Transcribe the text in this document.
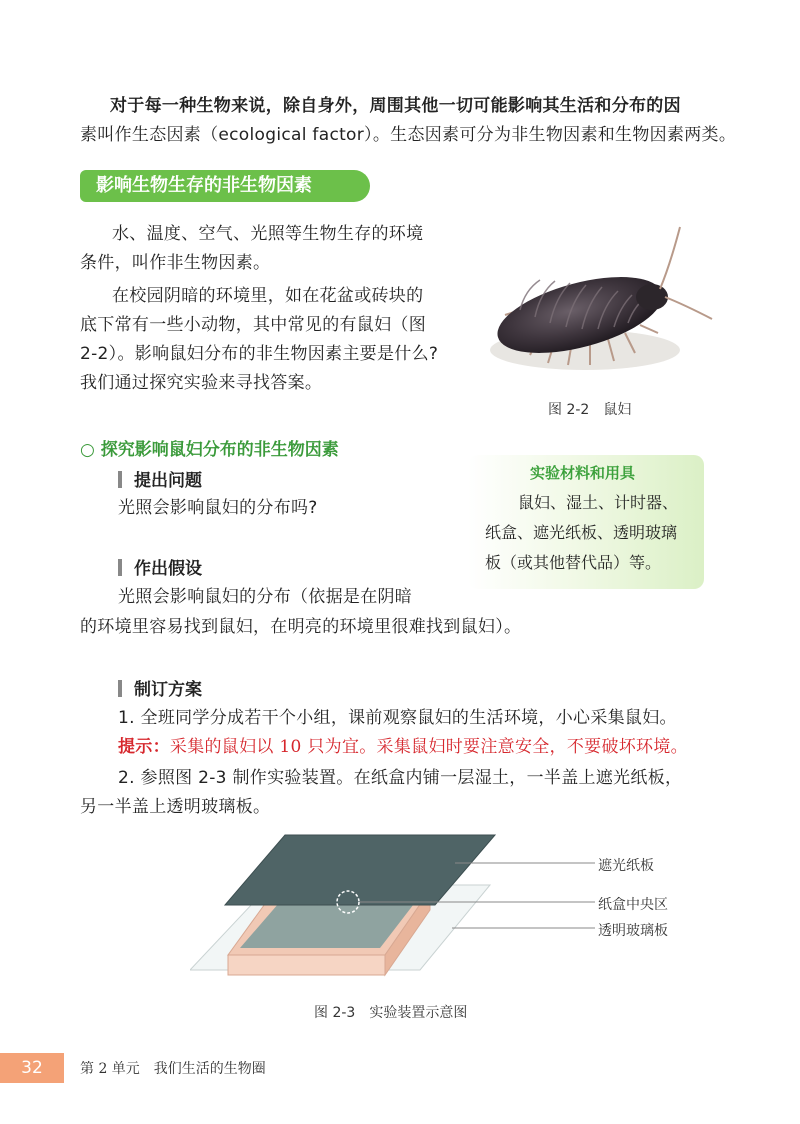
对于每一种生物来说，除自身外，周围其他一切可能影响其生活和分布的因
素叫作生态因素（ecological factor）。生态因素可分为非生物因素和生物因素两类。
影响生物生存的非生物因素
水、温度、空气、光照等生物生存的环境
条件，叫作非生物因素。
在校园阴暗的环境里，如在花盆或砖块的
底下常有一些小动物，其中常见的有鼠妇（图
2-2）。影响鼠妇分布的非生物因素主要是什么?
我们通过探究实验来寻找答案。
图 2-2　鼠妇
○ 探究影响鼠妇分布的非生物因素
提出问题
光照会影响鼠妇的分布吗?
实验材料和用具
鼠妇、湿土、计时器、
纸盒、遮光纸板、透明玻璃
板（或其他替代品）等。
作出假设
光照会影响鼠妇的分布（依据是在阴暗
的环境里容易找到鼠妇，在明亮的环境里很难找到鼠妇）。
制订方案
1. 全班同学分成若干个小组，课前观察鼠妇的生活环境，小心采集鼠妇。
提示：采集的鼠妇以 10 只为宜。采集鼠妇时要注意安全，不要破坏环境。
2. 参照图 2-3 制作实验装置。在纸盒内铺一层湿土，一半盖上遮光纸板，
另一半盖上透明玻璃板。
遮光纸板
纸盒中央区
透明玻璃板
图 2-3　实验装置示意图
32	第 2 单元　我们生活的生物圈
